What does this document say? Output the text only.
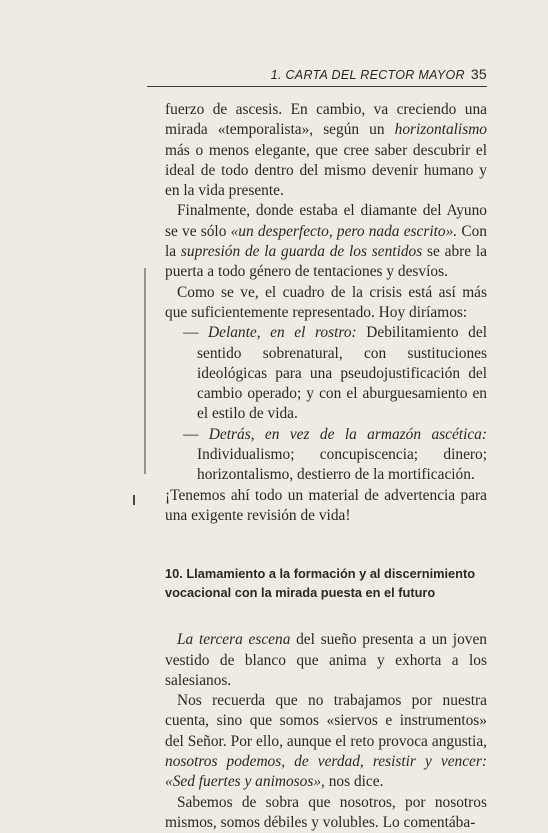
1. CARTA DEL RECTOR MAYOR 35

fuerzo de ascesis. En cambio, va creciendo una mirada «temporalista», según un horizontalismo más o menos elegante, que cree saber descubrir el ideal de todo dentro del mismo devenir humano y en la vida presente.

Finalmente, donde estaba el diamante del Ayuno se ve sólo «un desperfecto, pero nada escrito». Con la supresión de la guarda de los sentidos se abre la puerta a todo género de tentaciones y desvíos.

Como se ve, el cuadro de la crisis está así más que suficientemente representado. Hoy diríamos:

— Delante, en el rostro: Debilitamiento del sentido sobrenatural, con sustituciones ideológicas para una pseudojustificación del cambio operado; y con el aburguesamiento en el estilo de vida.

— Detrás, en vez de la armazón ascética: Individualismo; concupiscencia; dinero; horizontalismo, destierro de la mortificación.

¡Tenemos ahí todo un material de advertencia para una exigente revisión de vida!

10. Llamamiento a la formación y al discernimiento vocacional con la mirada puesta en el futuro

La tercera escena del sueño presenta a un joven vestido de blanco que anima y exhorta a los salesianos.

Nos recuerda que no trabajamos por nuestra cuenta, sino que somos «siervos e instrumentos» del Señor. Por ello, aunque el reto provoca angustia, nosotros podemos, de verdad, resistir y vencer: «Sed fuertes y animosos», nos dice.

Sabemos de sobra que nosotros, por nosotros mismos, somos débiles y volubles. Lo comentába-
